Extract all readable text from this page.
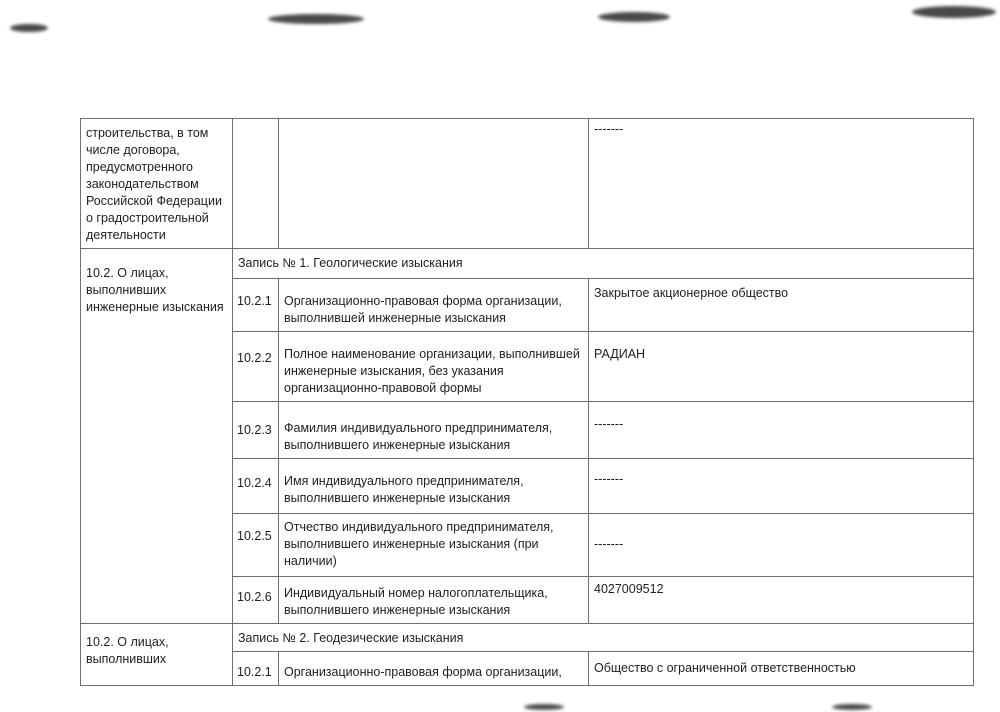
строительства, в том числе договора, предусмотренного законодательством Российской Федерации о градостроительной деятельности			-------
10.2. О лицах, выполнивших инженерные изыскания	Запись № 1. Геологические изыскания		
	10.2.1	Организационно-правовая форма организации, выполнившей инженерные изыскания	Закрытое акционерное общество
	10.2.2	Полное наименование организации, выполнившей инженерные изыскания, без указания организационно-правовой формы	РАДИАН
	10.2.3	Фамилия индивидуального предпринимателя, выполнившего инженерные изыскания	-------
	10.2.4	Имя индивидуального предпринимателя, выполнившего инженерные изыскания	-------
	10.2.5	Отчество индивидуального предпринимателя, выполнившего инженерные изыскания (при наличии)	-------
	10.2.6	Индивидуальный номер налогоплательщика, выполнившего инженерные изыскания	4027009512
10.2. О лицах, выполнивших	Запись № 2. Геодезические изыскания		
	10.2.1	Организационно-правовая форма организации,	Общество с ограниченной ответственностью
